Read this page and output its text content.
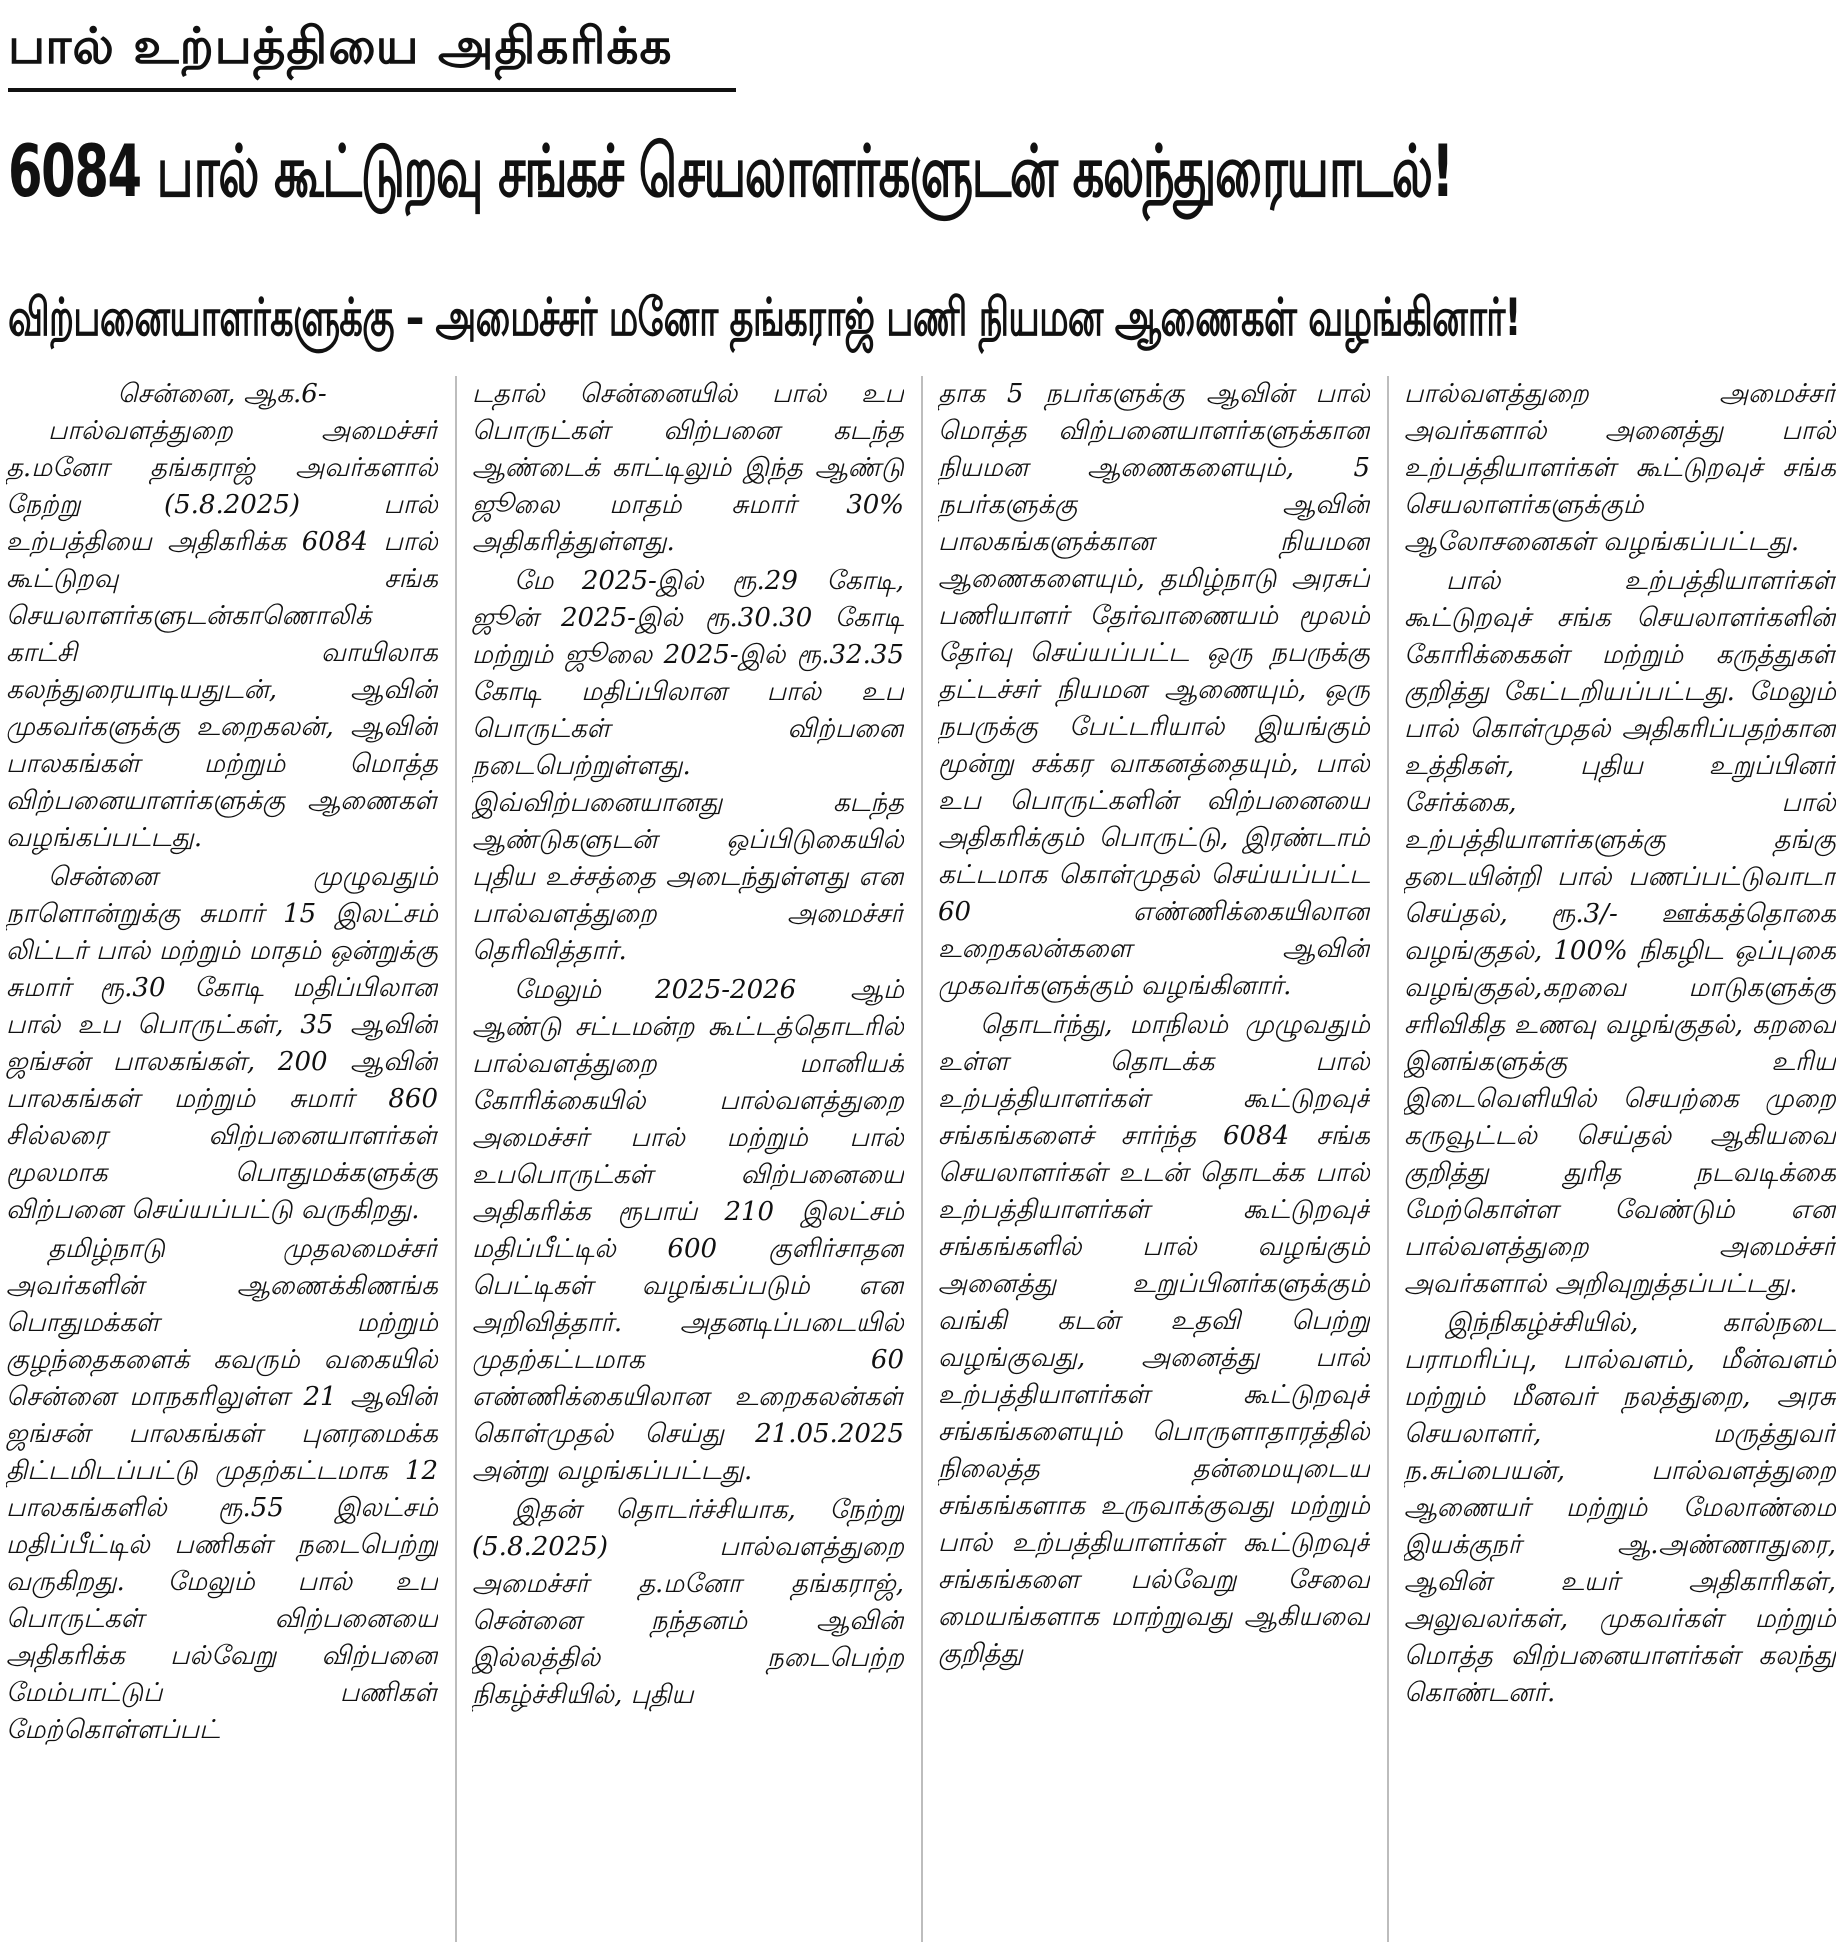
பால் உற்பத்தியை அதிகரிக்க
6084 பால் கூட்டுறவு சங்கச் செயலாளர்களுடன் கலந்துரையாடல்!
விற்பனையாளர்களுக்கு – அமைச்சர் மனோ தங்கராஜ் பணி நியமன ஆணைகள் வழங்கினார்!
சென்னை, ஆக.6-

பால்வளத்துறை அமைச்சர் த.மனோ தங்கராஜ் அவர்களால் நேற்று (5.8.2025) பால் உற்பத்தியை அதிகரிக்க 6084 பால் கூட்டுறவு சங்க செயலாளர்களுடன்காணொலிக் காட்சி வாயிலாக கலந்துரையாடியதுடன், ஆவின் முகவர்களுக்கு உறைகலன், ஆவின் பாலகங்கள் மற்றும் மொத்த விற்பனையாளர்களுக்கு ஆணைகள் வழங்கப்பட்டது.

சென்னை முழுவதும் நாளொன்றுக்கு சுமார் 15 இலட்சம் லிட்டர் பால் மற்றும் மாதம் ஒன்றுக்கு சுமார் ரூ.30 கோடி மதிப்பிலான பால் உப பொருட்கள், 35 ஆவின் ஜங்சன் பாலகங்கள், 200 ஆவின் பாலகங்கள் மற்றும் சுமார் 860 சில்லரை விற்பனையாளர்கள் மூலமாக பொதுமக்களுக்கு விற்பனை செய்யப்பட்டு வருகிறது.

தமிழ்நாடு முதலமைச்சர் அவர்களின் ஆணைக்கிணங்க பொதுமக்கள் மற்றும் குழந்தைகளைக் கவரும் வகையில் சென்னை மாநகரிலுள்ள 21 ஆவின் ஜங்சன் பாலகங்கள் புனரமைக்க திட்டமிடப்பட்டு முதற்கட்டமாக 12 பாலகங்களில் ரூ.55 இலட்சம் மதிப்பீட்டில் பணிகள் நடைபெற்று வருகிறது. மேலும் பால் உப பொருட்கள் விற்பனையை அதிகரிக்க பல்வேறு விற்பனை மேம்பாட்டுப் பணிகள் மேற்கொள்ளப்பட்

டதால் சென்னையில் பால் உப பொருட்கள் விற்பனை கடந்த ஆண்டைக் காட்டிலும் இந்த ஆண்டு ஜூலை மாதம் சுமார் 30% அதிகரித்துள்ளது.

மே 2025-இல் ரூ.29 கோடி, ஜூன் 2025-இல் ரூ.30.30 கோடி மற்றும் ஜூலை 2025-இல் ரூ.32.35 கோடி மதிப்பிலான பால் உப பொருட்கள் விற்பனை நடைபெற்றுள்ளது. இவ்விற்பனையானது கடந்த ஆண்டுகளுடன் ஒப்பிடுகையில் புதிய உச்சத்தை அடைந்துள்ளது என பால்வளத்துறை அமைச்சர் தெரிவித்தார்.

மேலும் 2025-2026 ஆம் ஆண்டு சட்டமன்ற கூட்டத்தொடரில் பால்வளத்துறை மானியக் கோரிக்கையில் பால்வளத்துறை அமைச்சர் பால் மற்றும் பால் உபபொருட்கள் விற்பனையை அதிகரிக்க ரூபாய் 210 இலட்சம் மதிப்பீட்டில் 600 குளிர்சாதன பெட்டிகள் வழங்கப்படும் என அறிவித்தார். அதனடிப்படையில் முதற்கட்டமாக 60 எண்ணிக்கையிலான உறைகலன்கள் கொள்முதல் செய்து 21.05.2025 அன்று வழங்கப்பட்டது.

இதன் தொடர்ச்சியாக, நேற்று (5.8.2025) பால்வளத்துறை அமைச்சர் த.மனோ தங்கராஜ், சென்னை நந்தனம் ஆவின் இல்லத்தில் நடைபெற்ற நிகழ்ச்சியில், புதிய

தாக 5 நபர்களுக்கு ஆவின் பால் மொத்த விற்பனையாளர்களுக்கான நியமன ஆணைகளையும், 5 நபர்களுக்கு ஆவின் பாலகங்களுக்கான நியமன ஆணைகளையும், தமிழ்நாடு அரசுப் பணியாளர் தேர்வாணையம் மூலம் தேர்வு செய்யப்பட்ட ஒரு நபருக்கு தட்டச்சர் நியமன ஆணையும், ஒரு நபருக்கு பேட்டரியால் இயங்கும் மூன்று சக்கர வாகனத்தையும், பால் உப பொருட்களின் விற்பனையை அதிகரிக்கும் பொருட்டு, இரண்டாம் கட்டமாக கொள்முதல் செய்யப்பட்ட 60 எண்ணிக்கையிலான உறைகலன்களை ஆவின் முகவர்களுக்கும் வழங்கினார்.

தொடர்ந்து, மாநிலம் முழுவதும் உள்ள தொடக்க பால் உற்பத்தியாளர்கள் கூட்டுறவுச் சங்கங்களைச் சார்ந்த 6084 சங்க செயலாளர்கள் உடன் தொடக்க பால் உற்பத்தியாளர்கள் கூட்டுறவுச் சங்கங்களில் பால் வழங்கும் அனைத்து உறுப்பினர்களுக்கும் வங்கி கடன் உதவி பெற்று வழங்குவது, அனைத்து பால் உற்பத்தியாளர்கள் கூட்டுறவுச் சங்கங்களையும் பொருளாதாரத்தில் நிலைத்த தன்மையுடைய சங்கங்களாக உருவாக்குவது மற்றும் பால் உற்பத்தியாளர்கள் கூட்டுறவுச் சங்கங்களை பல்வேறு சேவை மையங்களாக மாற்றுவது ஆகியவை குறித்து

பால்வளத்துறை அமைச்சர் அவர்களால் அனைத்து பால் உற்பத்தியாளர்கள் கூட்டுறவுச் சங்க செயலாளர்களுக்கும் ஆலோசனைகள் வழங்கப்பட்டது.

பால் உற்பத்தியாளர்கள் கூட்டுறவுச் சங்க செயலாளர்களின் கோரிக்கைகள் மற்றும் கருத்துகள் குறித்து கேட்டறியப்பட்டது. மேலும் பால் கொள்முதல் அதிகரிப்பதற்கான உத்திகள், புதிய உறுப்பினர் சேர்க்கை, பால் உற்பத்தியாளர்களுக்கு தங்கு தடையின்றி பால் பணப்பட்டுவாடா செய்தல், ரூ.3/- ஊக்கத்தொகை வழங்குதல், 100% நிகழிட ஒப்புகை வழங்குதல்,கறவை மாடுகளுக்கு சரிவிகித உணவு வழங்குதல், கறவை இனங்களுக்கு உரிய இடைவெளியில் செயற்கை முறை கருவூட்டல் செய்தல் ஆகியவை குறித்து துரித நடவடிக்கை மேற்கொள்ள வேண்டும் என பால்வளத்துறை அமைச்சர் அவர்களால் அறிவுறுத்தப்பட்டது.

இந்நிகழ்ச்சியில், கால்நடை பராமரிப்பு, பால்வளம், மீன்வளம் மற்றும் மீனவர் நலத்துறை, அரசு செயலாளர், மருத்துவர் ந.சுப்பையன், பால்வளத்துறை ஆணையர் மற்றும் மேலாண்மை இயக்குநர் ஆ.அண்ணாதுரை, ஆவின் உயர் அதிகாரிகள், அலுவலர்கள், முகவர்கள் மற்றும் மொத்த விற்பனையாளர்கள் கலந்து கொண்டனர்.
